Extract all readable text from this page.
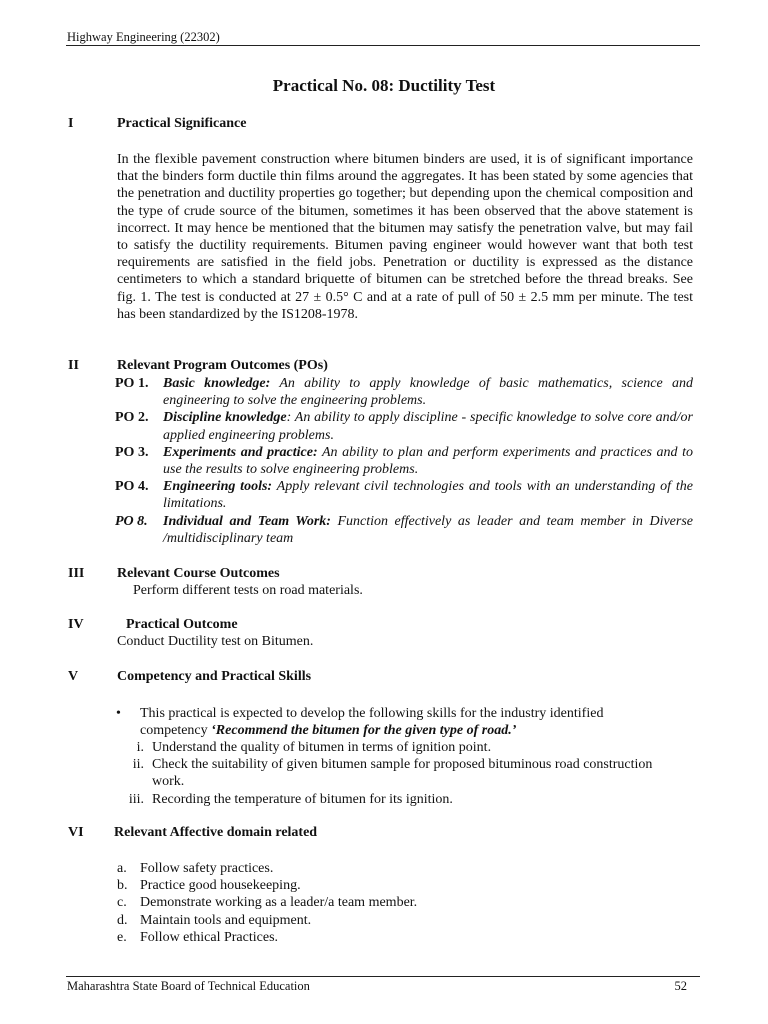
Highway Engineering (22302)
Practical No. 08: Ductility Test
I	Practical Significance
In the flexible pavement construction where bitumen binders are used, it is of significant importance that the binders form ductile thin films around the aggregates. It has been stated by some agencies that the penetration and ductility properties go together; but depending upon the chemical composition and the type of crude source of the bitumen, sometimes it has been observed that the above statement is incorrect. It may hence be mentioned that the bitumen may satisfy the penetration valve, but may fail to satisfy the ductility requirements. Bitumen paving engineer would however want that both test requirements are satisfied in the field jobs. Penetration or ductility is expressed as the distance centimeters to which a standard briquette of bitumen can be stretched before the thread breaks. See fig. 1. The test is conducted at 27 ± 0.5° C and at a rate of pull of 50 ± 2.5 mm per minute. The test has been standardized by the IS1208-1978.
II	Relevant Program Outcomes (POs)
PO 1. Basic knowledge: An ability to apply knowledge of basic mathematics, science and engineering to solve the engineering problems.
PO 2. Discipline knowledge: An ability to apply discipline - specific knowledge to solve core and/or applied engineering problems.
PO 3. Experiments and practice: An ability to plan and perform experiments and practices and to use the results to solve engineering problems.
PO 4. Engineering tools: Apply relevant civil technologies and tools with an understanding of the limitations.
PO 8. Individual and Team Work: Function effectively as leader and team member in Diverse /multidisciplinary team
III Relevant Course Outcomes
Perform different tests on road materials.
IV	Practical Outcome
Conduct Ductility test on Bitumen.
V	Competency and Practical Skills
• This practical is expected to develop the following skills for the industry identified competency ‘Recommend the bitumen for the given type of road.’
i. Understand the quality of bitumen in terms of ignition point.
ii. Check the suitability of given bitumen sample for proposed bituminous road construction work.
iii. Recording the temperature of bitumen for its ignition.
VI Relevant Affective domain related
a. Follow safety practices.
b. Practice good housekeeping.
c. Demonstrate working as a leader/a team member.
d. Maintain tools and equipment.
e. Follow ethical Practices.
Maharashtra State Board of Technical Education	52
